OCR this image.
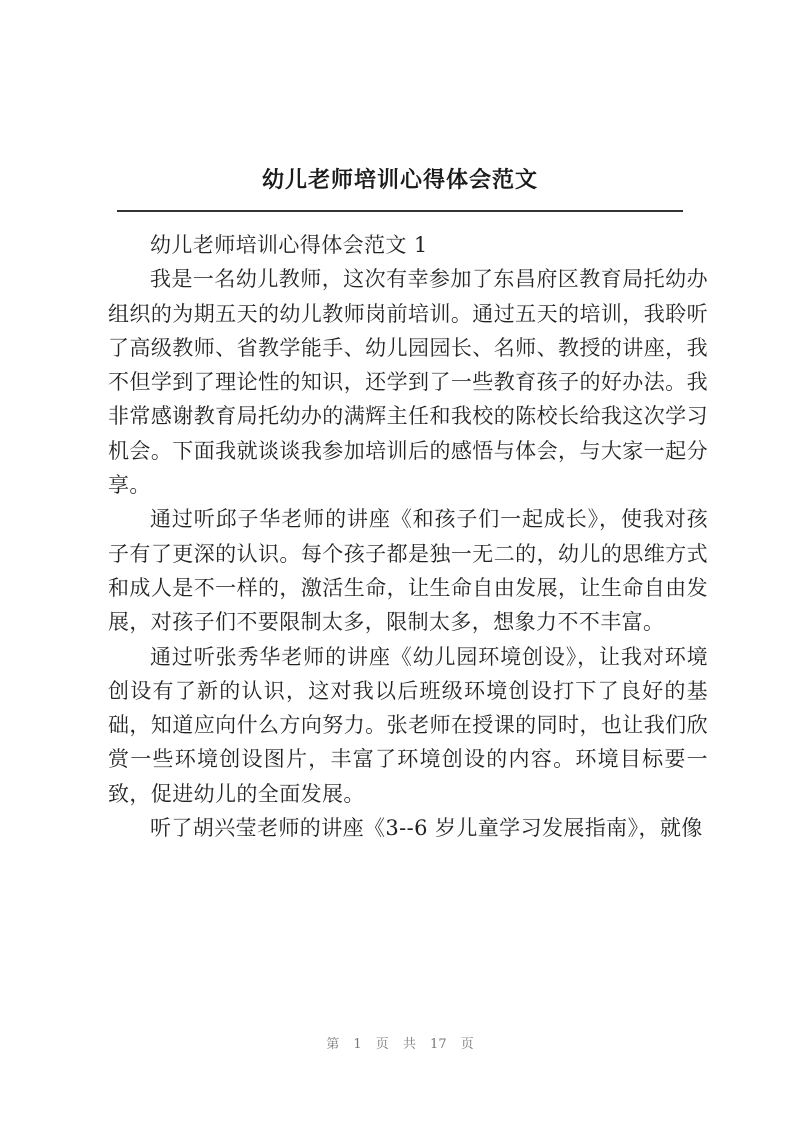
幼儿老师培训心得体会范文

幼儿老师培训心得体会范文 1

我是一名幼儿教师，这次有幸参加了东昌府区教育局托幼办组织的为期五天的幼儿教师岗前培训。通过五天的培训，我聆听了高级教师、省教学能手、幼儿园园长、名师、教授的讲座，我不但学到了理论性的知识，还学到了一些教育孩子的好办法。我非常感谢教育局托幼办的满辉主任和我校的陈校长给我这次学习机会。下面我就谈谈我参加培训后的感悟与体会，与大家一起分享。

通过听邱子华老师的讲座《和孩子们一起成长》，使我对孩子有了更深的认识。每个孩子都是独一无二的，幼儿的思维方式和成人是不一样的，激活生命，让生命自由发展，让生命自由发展，对孩子们不要限制太多，限制太多，想象力不不丰富。

通过听张秀华老师的讲座《幼儿园环境创设》，让我对环境创设有了新的认识，这对我以后班级环境创设打下了良好的基础，知道应向什么方向努力。张老师在授课的同时，也让我们欣赏一些环境创设图片，丰富了环境创设的内容。环境目标要一致，促进幼儿的全面发展。

听了胡兴莹老师的讲座《3--6 岁儿童学习发展指南》，就像

第 1 页 共 17 页
